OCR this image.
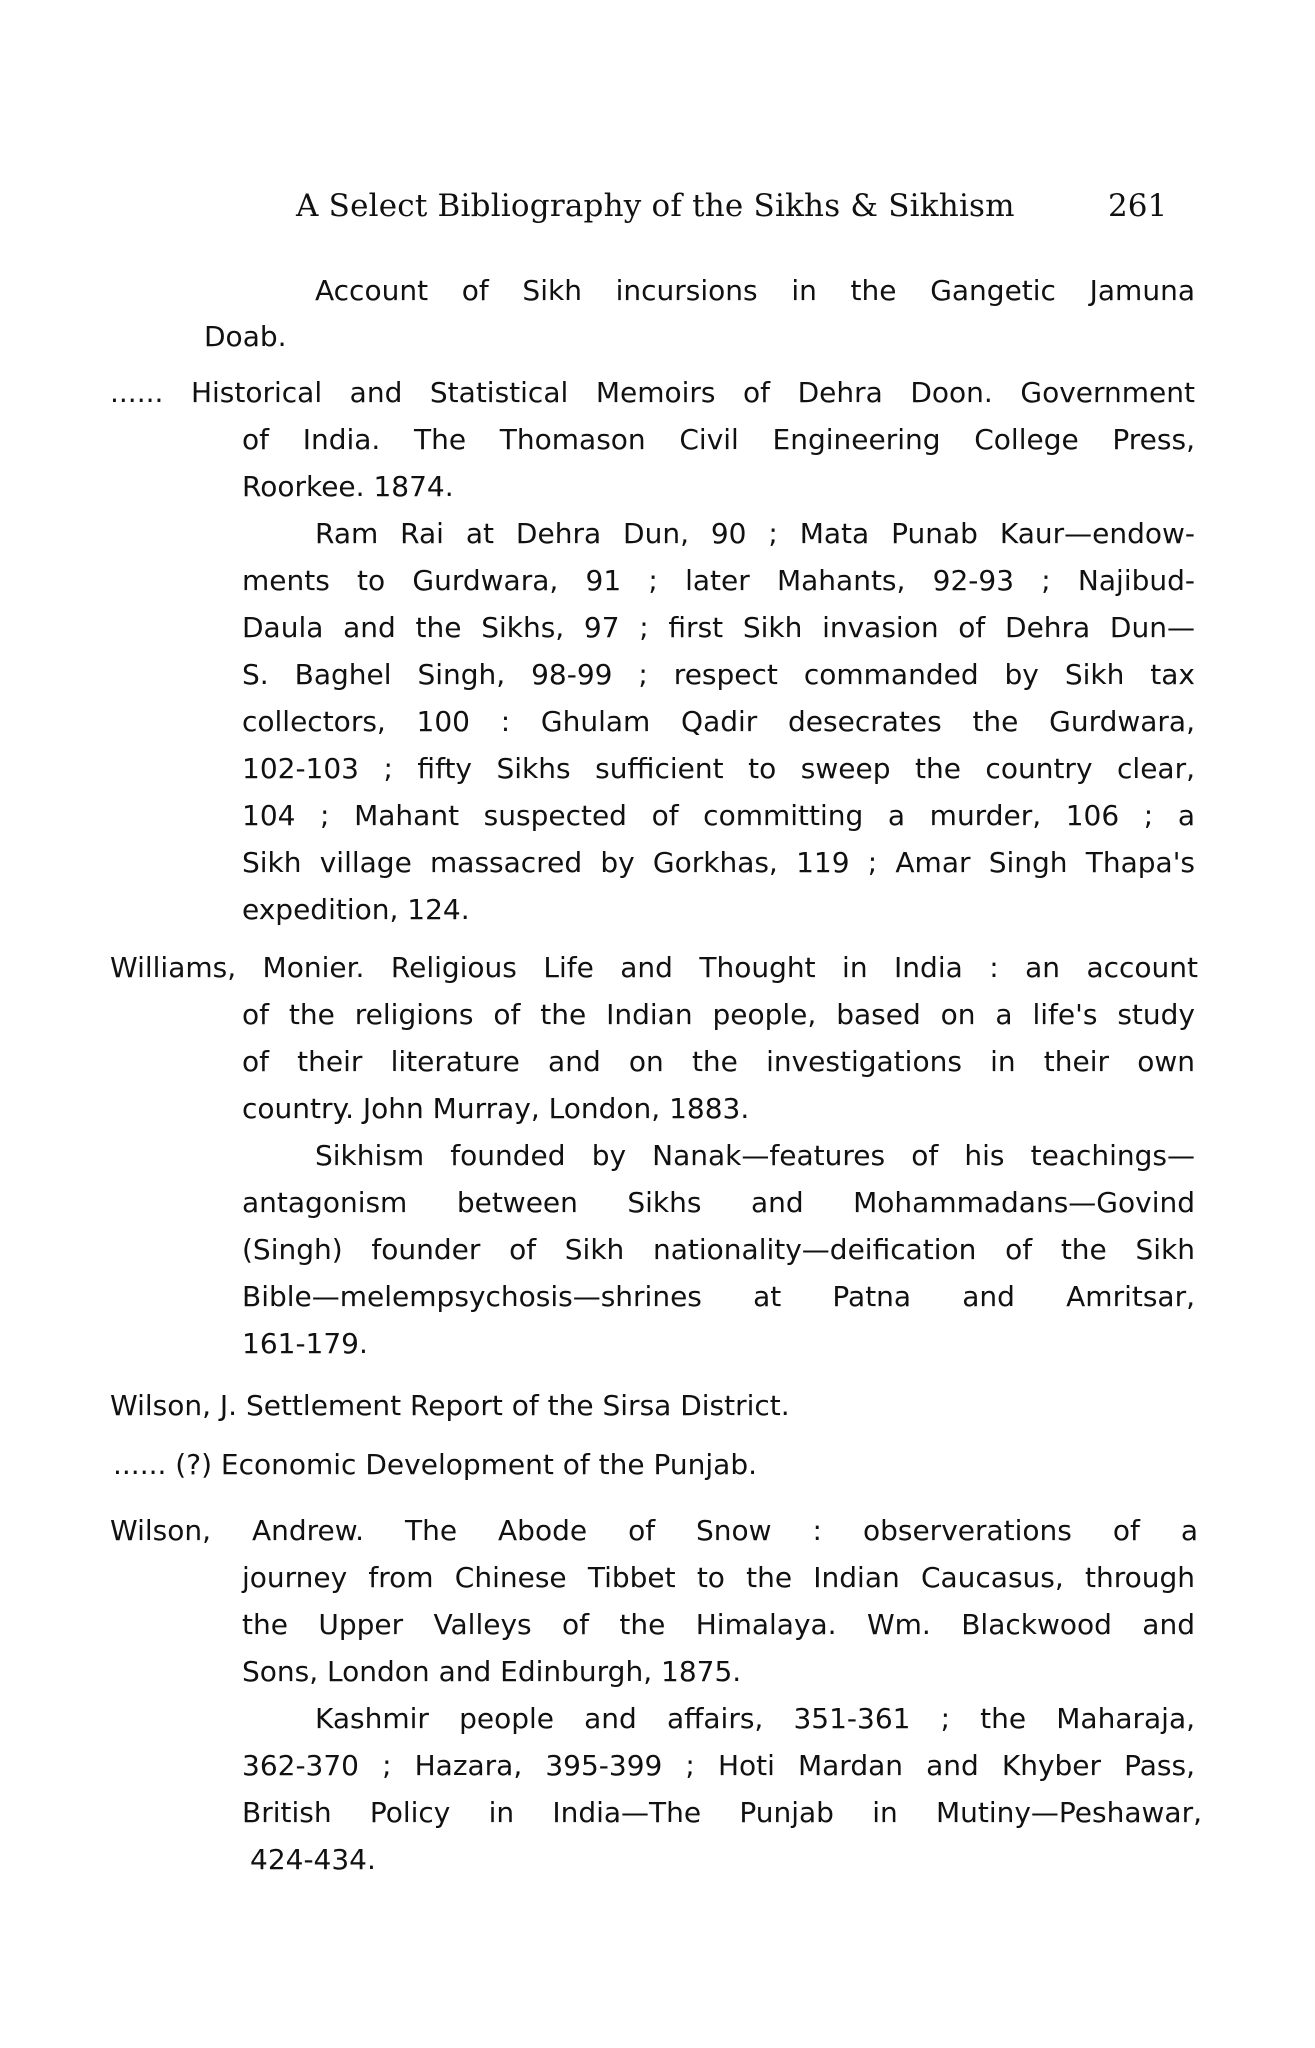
A Select Bibliography of the Sikhs & Sikhism	261
Account of Sikh incursions in the Gangetic Jamuna
Doab.
...... Historical and Statistical Memoirs of Dehra Doon. Government
of India. The Thomason Civil Engineering College Press,
Roorkee. 1874.
Ram Rai at Dehra Dun, 90 ; Mata Punab Kaur—endow-
ments to Gurdwara, 91 ; later Mahants, 92-93 ; Najibud-
Daula and the Sikhs, 97 ; first Sikh invasion of Dehra Dun—
S. Baghel Singh, 98-99 ; respect commanded by Sikh tax
collectors, 100 : Ghulam Qadir desecrates the Gurdwara,
102-103 ; fifty Sikhs sufficient to sweep the country clear,
104 ; Mahant suspected of committing a murder, 106 ; a
Sikh village massacred by Gorkhas, 119 ; Amar Singh Thapa's
expedition, 124.
Williams, Monier. Religious Life and Thought in India : an account
of the religions of the Indian people, based on a life's study
of their literature and on the investigations in their own
country. John Murray, London, 1883.
Sikhism founded by Nanak—features of his teachings—
antagonism between Sikhs and Mohammadans—Govind
(Singh) founder of Sikh nationality—deification of the Sikh
Bible—melempsychosis—shrines at Patna and Amritsar,
161-179.
Wilson, J. Settlement Report of the Sirsa District.
...... (?) Economic Development of the Punjab.
Wilson, Andrew. The Abode of Snow : observerations of a
journey from Chinese Tibbet to the Indian Caucasus, through
the Upper Valleys of the Himalaya. Wm. Blackwood and
Sons, London and Edinburgh, 1875.
Kashmir people and affairs, 351-361 ; the Maharaja,
362-370 ; Hazara, 395-399 ; Hoti Mardan and Khyber Pass,
British Policy in India—The Punjab in Mutiny—Peshawar,
424-434.
